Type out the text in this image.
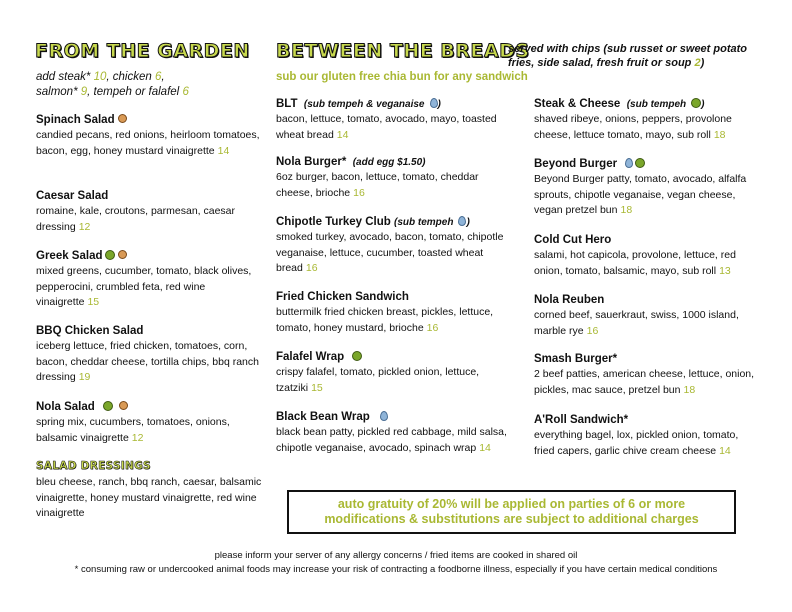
FROM THE GARDEN
add steak* 10, chicken 6,
salmon* 9, tempeh or falafel 6
Spinach Salad
candied pecans, red onions, heirloom tomatoes, bacon, egg, honey mustard vinaigrette 14
Caesar Salad
romaine, kale, croutons, parmesan, caesar dressing 12
Greek Salad
mixed greens, cucumber, tomato, black olives, pepperocini, crumbled feta, red wine vinaigrette 15
BBQ Chicken Salad
iceberg lettuce, fried chicken, tomatoes, corn, bacon, cheddar cheese, tortilla chips, bbq ranch dressing 19
Nola Salad
spring mix, cucumbers, tomatoes, onions, balsamic vinaigrette 12
SALAD DRESSINGS
bleu cheese, ranch, bbq ranch, caesar, balsamic vinaigrette, honey mustard vinaigrette, red wine vinaigrette
BETWEEN THE BREADS
served with chips (sub russet or sweet potato
fries, side salad, fresh fruit or soup 2)
sub our gluten free chia bun for any sandwich
BLT (sub tempeh & veganaise )
bacon, lettuce, tomato, avocado, mayo, toasted wheat bread 14
Nola Burger* (add egg $1.50)
6oz burger, bacon, lettuce, tomato, cheddar cheese, brioche 16
Chipotle Turkey Club (sub tempeh )
smoked turkey, avocado, bacon, tomato, chipotle veganaise, lettuce, cucumber, toasted wheat bread 16
Fried Chicken Sandwich
buttermilk fried chicken breast, pickles, lettuce, tomato, honey mustard, brioche 16
Falafel Wrap
crispy falafel, tomato, pickled onion, lettuce, tzatziki 15
Black Bean Wrap
black bean patty, pickled red cabbage, mild salsa, chipotle veganaise, avocado, spinach wrap 14
Steak & Cheese (sub tempeh )
shaved ribeye, onions, peppers, provolone cheese, lettuce tomato, mayo, sub roll 18
Beyond Burger
Beyond Burger patty, tomato, avocado, alfalfa sprouts, chipotle veganaise, vegan cheese, vegan pretzel bun 18
Cold Cut Hero
salami, hot capicola, provolone, lettuce, red onion, tomato, balsamic, mayo, sub roll 13
Nola Reuben
corned beef, sauerkraut, swiss, 1000 island, marble rye 16
Smash Burger*
2 beef patties, american cheese, lettuce, onion, pickles, mac sauce, pretzel bun 18
A'Roll Sandwich*
everything bagel, lox, pickled onion, tomato, fried capers, garlic chive cream cheese 14
auto gratuity of 20% will be applied on parties of 6 or more
modifications & substitutions are subject to additional charges
please inform your server of any allergy concerns / fried items are cooked in shared oil
* consuming raw or undercooked animal foods may increase your risk of contracting a foodborne illness, especially if you have certain medical conditions
